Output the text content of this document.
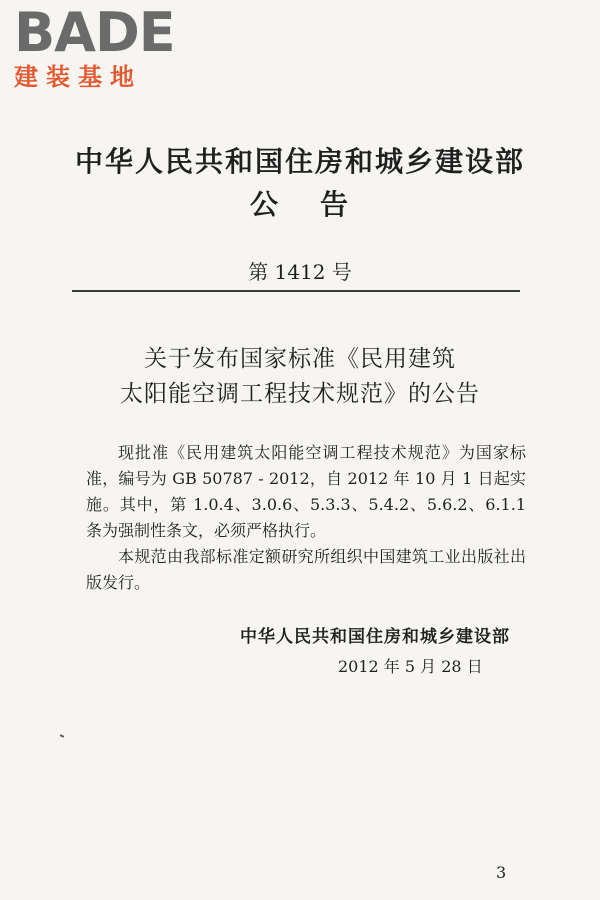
BADE
建装基地
中华人民共和国住房和城乡建设部
公告
第 1412 号
关于发布国家标准《民用建筑
太阳能空调工程技术规范》的公告

现批准《民用建筑太阳能空调工程技术规范》为国家标准，编号为 GB 50787 - 2012，自 2012 年 10 月 1 日起实施。其中，第 1.0.4、3.0.6、5.3.3、5.4.2、5.6.2、6.1.1 条为强制性条文，必须严格执行。

本规范由我部标准定额研究所组织中国建筑工业出版社出版发行。

中华人民共和国住房和城乡建设部
2012 年 5 月 28 日
3
